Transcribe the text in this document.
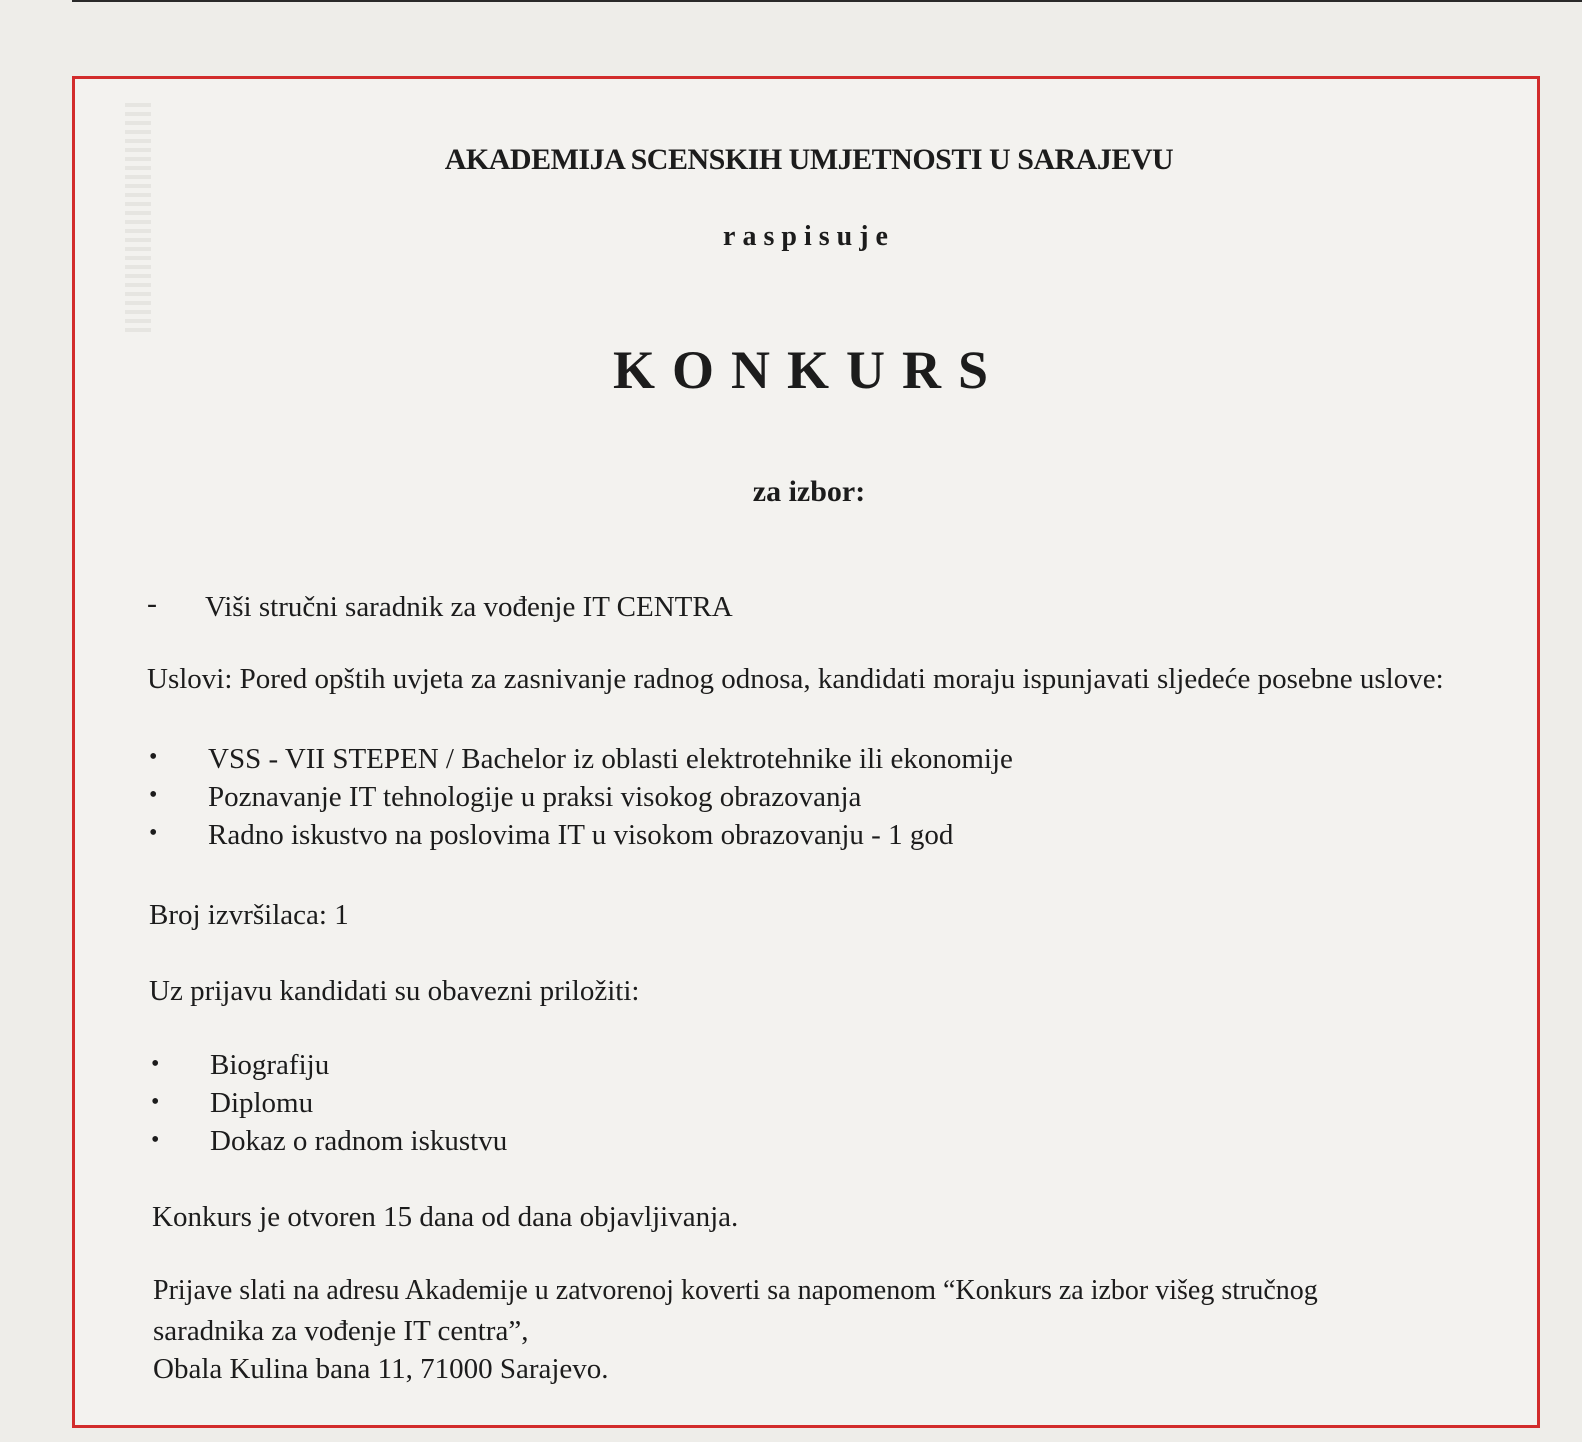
AKADEMIJA SCENSKIH UMJETNOSTI U SARAJEVU

raspisuje

KONKURS

za izbor:

- Viši stručni saradnik za vođenje IT CENTRA

Uslovi: Pored opštih uvjeta za zasnivanje radnog odnosa, kandidati moraju ispunjavati sljedeće posebne uslove:

• VSS - VII STEPEN / Bachelor iz oblasti elektrotehnike ili ekonomije

• Poznavanje IT tehnologije u praksi visokog obrazovanja

• Radno iskustvo na poslovima IT u visokom obrazovanju - 1 god

Broj izvršilaca: 1

Uz prijavu kandidati su obavezni priložiti:

• Biografiju

• Diplomu

• Dokaz o radnom iskustvu

Konkurs je otvoren 15 dana od dana objavljivanja.

Prijave slati na adresu Akademije u zatvorenoj koverti sa napomenom “Konkurs za izbor višeg stručnog

saradnika za vođenje IT centra”,

Obala Kulina bana 11, 71000 Sarajevo.
